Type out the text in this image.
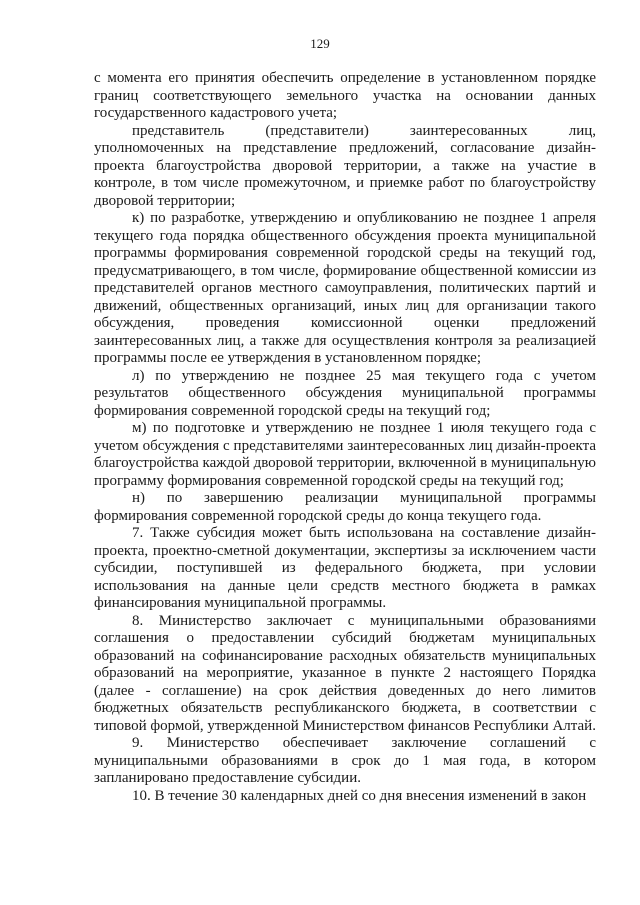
129

с момента его принятия обеспечить определение в установленном порядке границ соответствующего земельного участка на основании данных государственного кадастрового учета;

представитель (представители) заинтересованных лиц, уполномоченных на представление предложений, согласование дизайн-проекта благоустройства дворовой территории, а также на участие в контроле, в том числе промежуточном, и приемке работ по благоустройству дворовой территории;

к) по разработке, утверждению и опубликованию не позднее 1 апреля текущего года порядка общественного обсуждения проекта муниципальной программы формирования современной городской среды на текущий год, предусматривающего, в том числе, формирование общественной комиссии из представителей органов местного самоуправления, политических партий и движений, общественных организаций, иных лиц для организации такого обсуждения, проведения комиссионной оценки предложений заинтересованных лиц, а также для осуществления контроля за реализацией программы после ее утверждения в установленном порядке;

л) по утверждению не позднее 25 мая текущего года с учетом результатов общественного обсуждения муниципальной программы формирования современной городской среды на текущий год;

м) по подготовке и утверждению не позднее 1 июля текущего года с учетом обсуждения с представителями заинтересованных лиц дизайн-проекта благоустройства каждой дворовой территории, включенной в муниципальную программу формирования современной городской среды на текущий год;

н) по завершению реализации муниципальной программы формирования современной городской среды до конца текущего года.

7. Также субсидия может быть использована на составление дизайн-проекта, проектно-сметной документации, экспертизы за исключением части субсидии, поступившей из федерального бюджета, при условии использования на данные цели средств местного бюджета в рамках финансирования муниципальной программы.

8. Министерство заключает с муниципальными образованиями соглашения о предоставлении субсидий бюджетам муниципальных образований на софинансирование расходных обязательств муниципальных образований на мероприятие, указанное в пункте 2 настоящего Порядка (далее - соглашение) на срок действия доведенных до него лимитов бюджетных обязательств республиканского бюджета, в соответствии с типовой формой, утвержденной Министерством финансов Республики Алтай.

9. Министерство обеспечивает заключение соглашений с муниципальными образованиями в срок до 1 мая года, в котором запланировано предоставление субсидии.

10. В течение 30 календарных дней со дня внесения изменений в закон
